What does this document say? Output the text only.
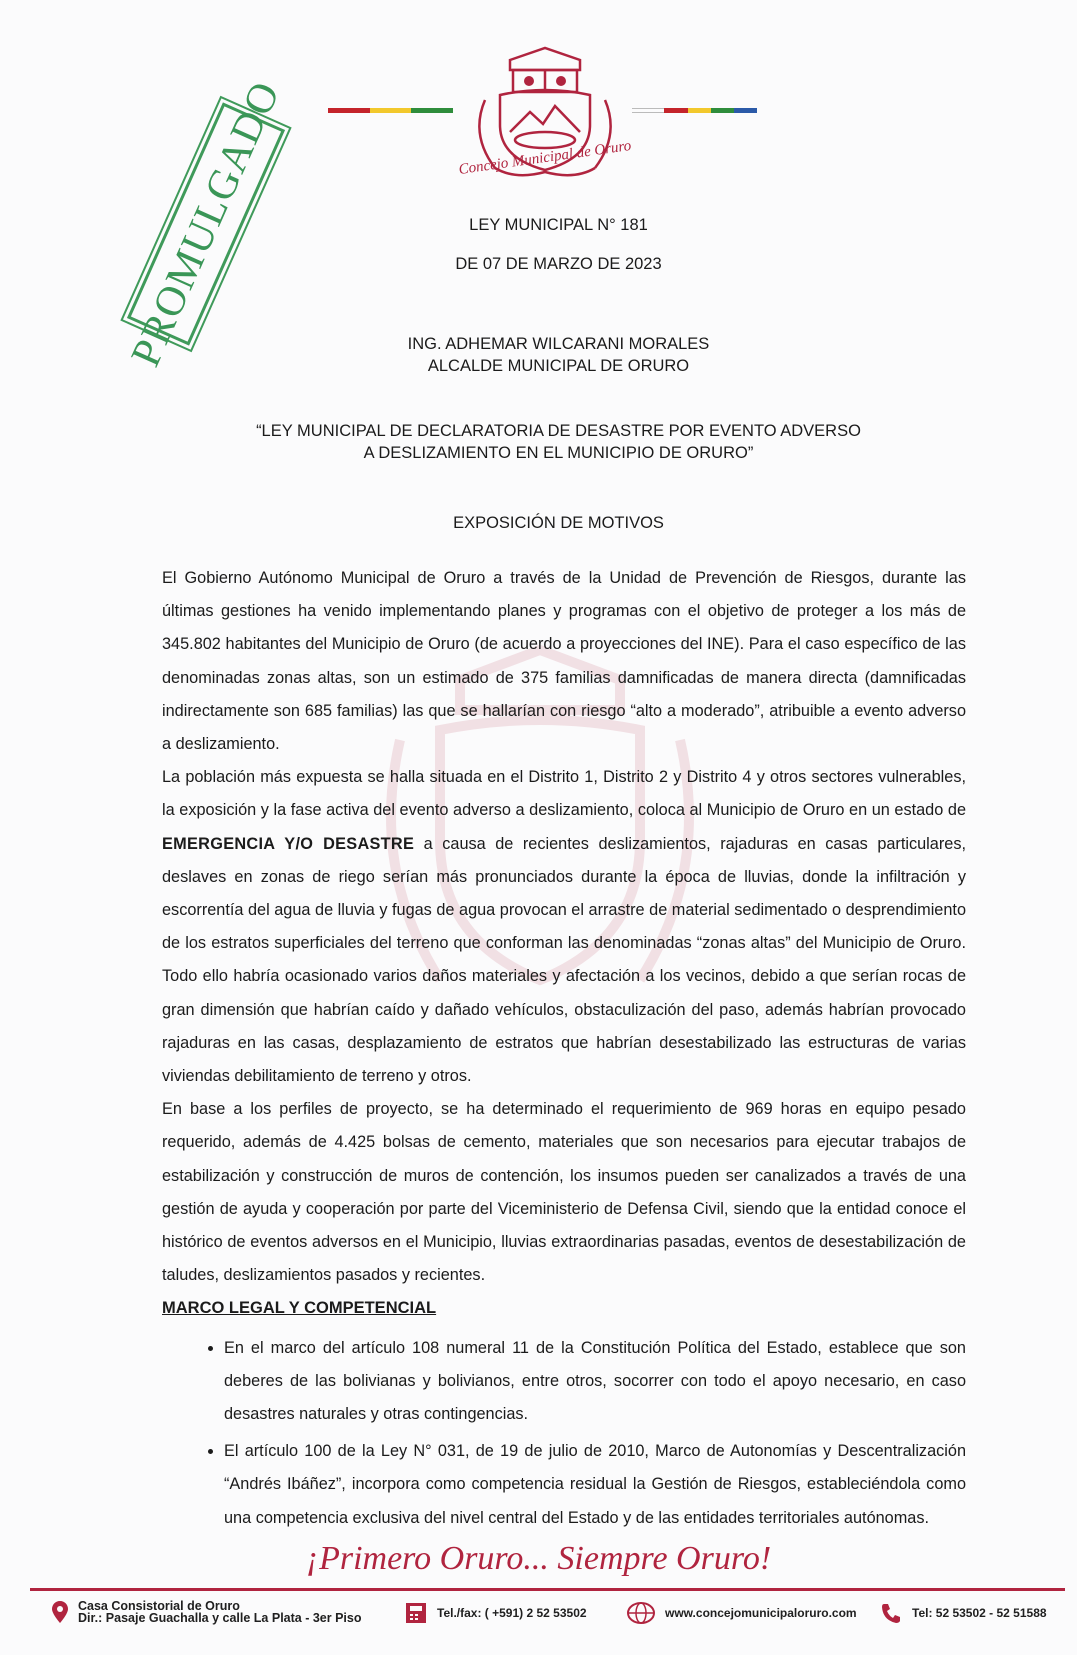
Concejo Municipal de Oruro
PROMULGADO	LEY MUNICIPAL N° 181
DE 07 DE MARZO DE 2023
ING. ADHEMAR WILCARANI MORALES
ALCALDE MUNICIPAL DE ORURO
“LEY MUNICIPAL DE DECLARATORIA DE DESASTRE POR EVENTO ADVERSO
A DESLIZAMIENTO EN EL MUNICIPIO DE ORURO”
EXPOSICIÓN DE MOTIVOS

El Gobierno Autónomo Municipal de Oruro a través de la Unidad de Prevención de Riesgos, durante las últimas gestiones ha venido implementando planes y programas con el objetivo de proteger a los más de 345.802 habitantes del Municipio de Oruro (de acuerdo a proyecciones del INE). Para el caso específico de las denominadas zonas altas, son un estimado de 375 familias damnificadas de manera directa (damnificadas indirectamente son 685 familias) las que se hallarían con riesgo “alto a moderado”, atribuible a evento adverso a deslizamiento.

La población más expuesta se halla situada en el Distrito 1, Distrito 2 y Distrito 4 y otros sectores vulnerables, la exposición y la fase activa del evento adverso a deslizamiento, coloca al Municipio de Oruro en un estado de EMERGENCIA Y/O DESASTRE a causa de recientes deslizamientos, rajaduras en casas particulares, deslaves en zonas de riego serían más pronunciados durante la época de lluvias, donde la infiltración y escorrentía del agua de lluvia y fugas de agua provocan el arrastre de material sedimentado o desprendimiento de los estratos superficiales del terreno que conforman las denominadas “zonas altas” del Municipio de Oruro. Todo ello habría ocasionado varios daños materiales y afectación a los vecinos, debido a que serían rocas de gran dimensión que habrían caído y dañado vehículos, obstaculización del paso, además habrían provocado rajaduras en las casas, desplazamiento de estratos que habrían desestabilizado las estructuras de varias viviendas debilitamiento de terreno y otros.

En base a los perfiles de proyecto, se ha determinado el requerimiento de 969 horas en equipo pesado requerido, además de 4.425 bolsas de cemento, materiales que son necesarios para ejecutar trabajos de estabilización y construcción de muros de contención, los insumos pueden ser canalizados a través de una gestión de ayuda y cooperación por parte del Viceministerio de Defensa Civil, siendo que la entidad conoce el histórico de eventos adversos en el Municipio, lluvias extraordinarias pasadas, eventos de desestabilización de taludes, deslizamientos pasados y recientes.

MARCO LEGAL Y COMPETENCIAL

• En el marco del artículo 108 numeral 11 de la Constitución Política del Estado, establece que son deberes de las bolivianas y bolivianos, entre otros, socorrer con todo el apoyo necesario, en caso desastres naturales y otras contingencias.
• El artículo 100 de la Ley N° 031, de 19 de julio de 2010, Marco de Autonomías y Descentralización “Andrés Ibáñez”, incorpora como competencia residual la Gestión de Riesgos, estableciéndola como una competencia exclusiva del nivel central del Estado y de las entidades territoriales autónomas.
¡Primero Oruro... Siempre Oruro!
Casa Consistorial de Oruro
Dir.: Pasaje Guachalla y calle La Plata - 3er Piso	Tel./fax: ( +591) 2 52 53502	www.concejomunicipaloruro.com	Tel: 52 53502 - 52 51588
